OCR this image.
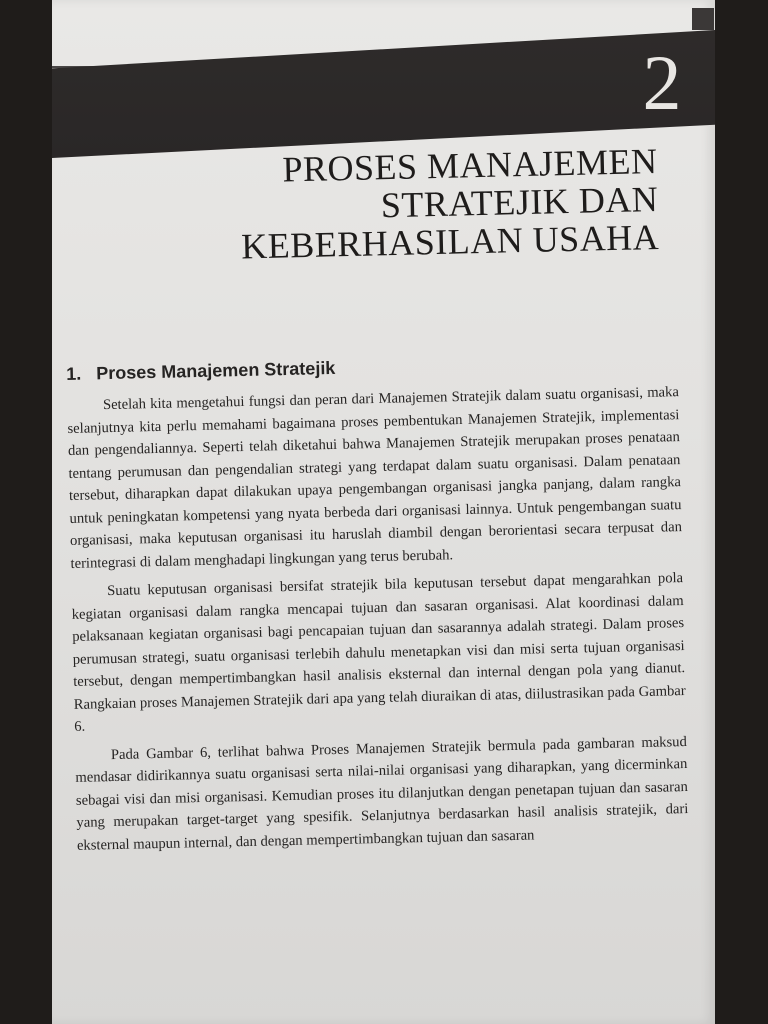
2
PROSES MANAJEMEN
STRATEJIK DAN
KEBERHASILAN USAHA
1. Proses Manajemen Stratejik

Setelah kita mengetahui fungsi dan peran dari Manajemen Stratejik dalam suatu organisasi, maka selanjutnya kita perlu memahami bagaimana proses pembentukan Manajemen Stratejik, implementasi dan pengendaliannya. Seperti telah diketahui bahwa Manajemen Stratejik merupakan proses penataan tentang perumusan dan pengendalian strategi yang terdapat dalam suatu organisasi. Dalam penataan tersebut, diharapkan dapat dilakukan upaya pengembangan organisasi jangka panjang, dalam rangka untuk peningkatan kompetensi yang nyata berbeda dari organisasi lainnya. Untuk pengembangan suatu organisasi, maka keputusan organisasi itu haruslah diambil dengan berorientasi secara terpusat dan terintegrasi di dalam menghadapi lingkungan yang terus berubah.

Suatu keputusan organisasi bersifat stratejik bila keputusan tersebut dapat mengarahkan pola kegiatan organisasi dalam rangka mencapai tujuan dan sasaran organisasi. Alat koordinasi dalam pelaksanaan kegiatan organisasi bagi pencapaian tujuan dan sasarannya adalah strategi. Dalam proses perumusan strategi, suatu organisasi terlebih dahulu menetapkan visi dan misi serta tujuan organisasi tersebut, dengan mempertimbangkan hasil analisis eksternal dan internal dengan pola yang dianut. Rangkaian proses Manajemen Stratejik dari apa yang telah diuraikan di atas, diilustrasikan pada Gambar 6.

Pada Gambar 6, terlihat bahwa Proses Manajemen Stratejik bermula pada gambaran maksud mendasar didirikannya suatu organisasi serta nilai-nilai organisasi yang diharapkan, yang dicerminkan sebagai visi dan misi organisasi. Kemudian proses itu dilanjutkan dengan penetapan tujuan dan sasaran yang merupakan target-target yang spesifik. Selanjutnya berdasarkan hasil analisis stratejik, dari eksternal maupun internal, dan dengan mempertimbangkan tujuan dan sasaran
